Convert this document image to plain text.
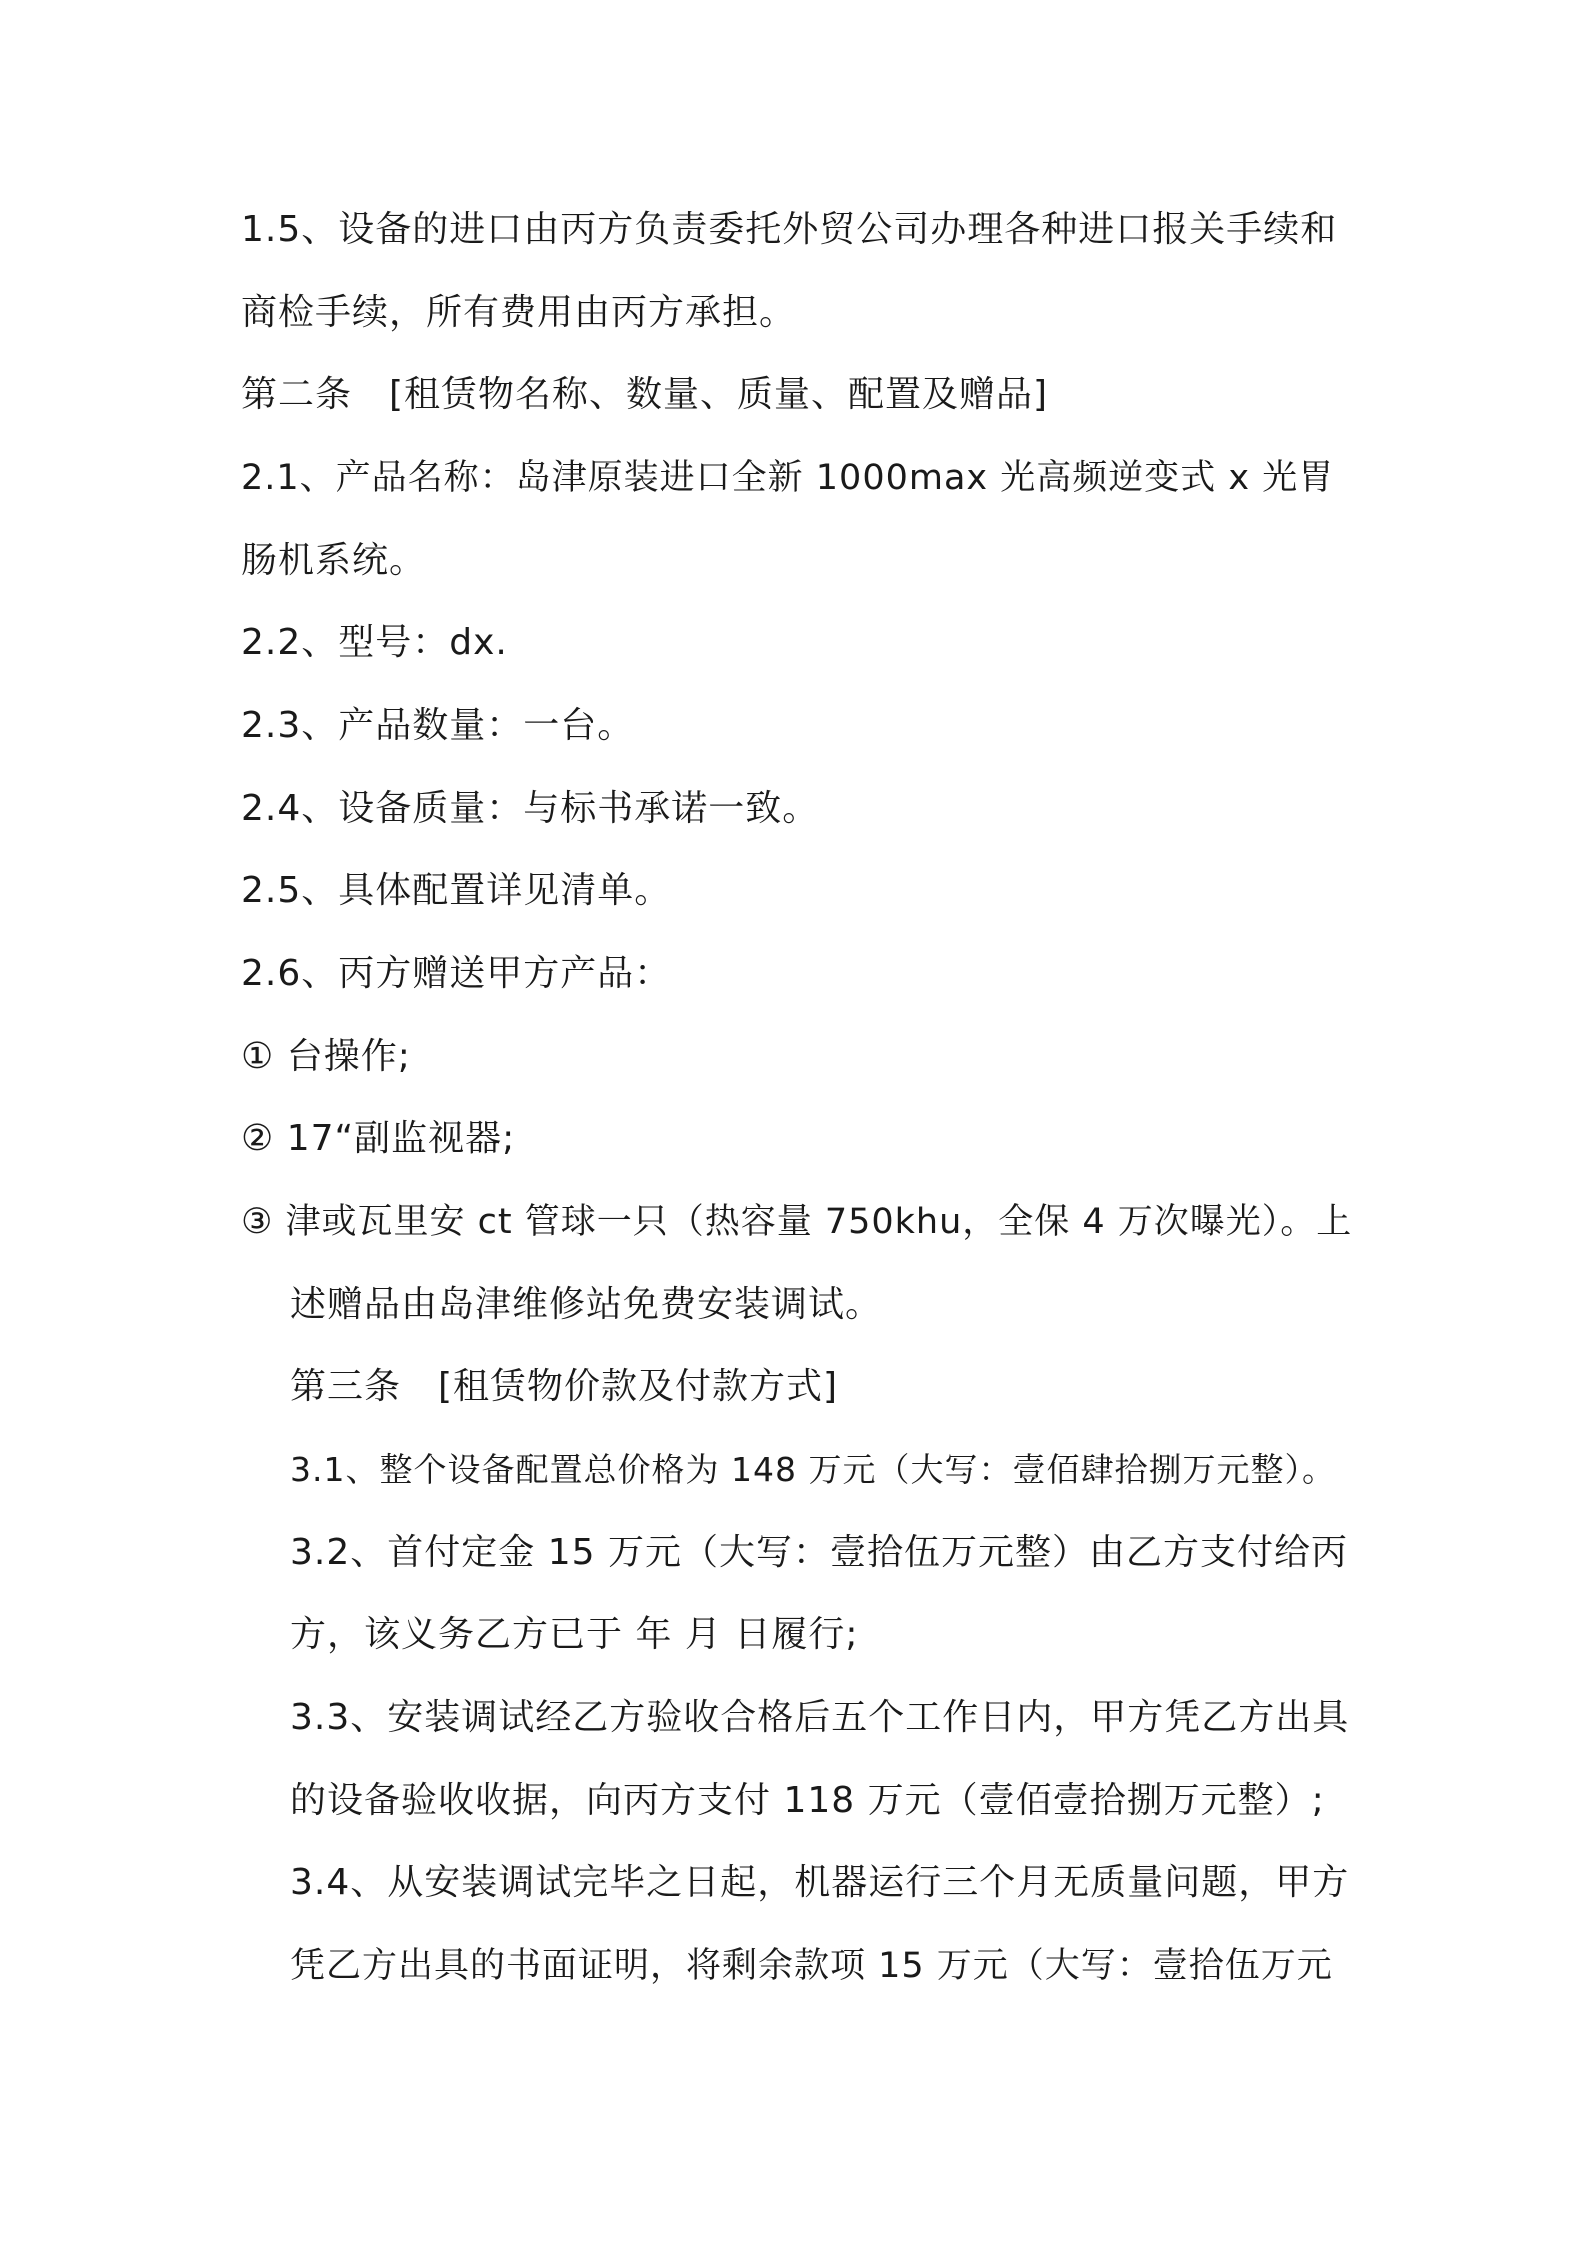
1.5、设备的进口由丙方负责委托外贸公司办理各种进口报关手续和
商检手续，所有费用由丙方承担。
第二条　[租赁物名称、数量、质量、配置及赠品]
2.1、产品名称：岛津原装进口全新 1000max 光高频逆变式 x 光胃
肠机系统。
2.2、型号：dx.
2.3、产品数量：一台。
2.4、设备质量：与标书承诺一致。
2.5、具体配置详见清单。
2.6、丙方赠送甲方产品：
① 台操作;
② 17“副监视器;
③ 津或瓦里安 ct 管球一只（热容量 750khu，全保 4 万次曝光）。上
述赠品由岛津维修站免费安装调试。
第三条　[租赁物价款及付款方式]
3.1、整个设备配置总价格为 148 万元（大写：壹佰肆拾捌万元整）。
3.2、首付定金 15 万元（大写：壹拾伍万元整）由乙方支付给丙
方，该义务乙方已于 年 月 日履行;
3.3、安装调试经乙方验收合格后五个工作日内，甲方凭乙方出具
的设备验收收据，向丙方支付 118 万元（壹佰壹拾捌万元整）;
3.4、从安装调试完毕之日起，机器运行三个月无质量问题，甲方
凭乙方出具的书面证明，将剩余款项 15 万元（大写：壹拾伍万元
